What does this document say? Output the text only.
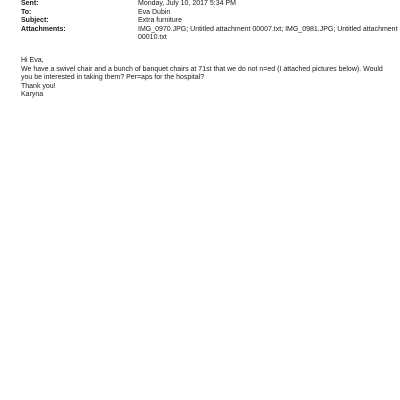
Sent:	Monday, July 10, 2017 5:34 PM
To:	Eva Dubin
Subject:	Extra furniture
Attachments:	IMG_0970.JPG; Untitled attachment 00007.txt; IMG_0981.JPG; Untitled attachment
00010.txt

Hi Eva,

We have a swivel chair and a bunch of banquet chairs at 71st that we do not n=ed (I attached pictures below). Would
you be interested in taking them? Per=aps for the hospital?

Thank you!
Karyna
